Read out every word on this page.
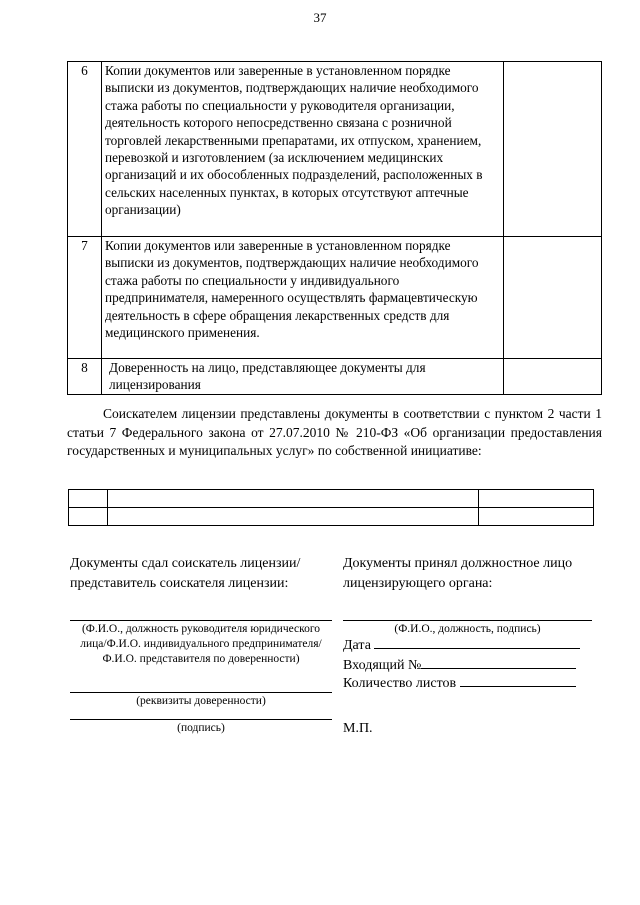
37
6	Копии документов или заверенные в установленном порядке выписки из документов, подтверждающих наличие необходимого стажа работы по специальности у руководителя организации, деятельность которого непосредственно связана с розничной торговлей лекарственными препаратами, их отпуском, хранением, перевозкой и изготовлением (за исключением медицинских организаций и их обособленных подразделений, расположенных в сельских населенных пунктах, в которых отсутствуют аптечные организации)	
7	Копии документов или заверенные в установленном порядке выписки из документов, подтверждающих наличие необходимого стажа работы по специальности у индивидуального предпринимателя, намеренного осуществлять фармацевтическую деятельность в сфере обращения лекарственных средств для медицинского применения.	
8	Доверенность на лицо, представляющее документы для лицензирования	
Соискателем лицензии представлены документы в соответствии с пунктом 2 части 1 статьи 7 Федерального закона от 27.07.2010 № 210-ФЗ «Об организации предоставления государственных и муниципальных услуг» по собственной инициативе:

Документы сдал соискатель лицензии/представитель соискателя лицензии:
(Ф.И.О., должность руководителя юридического лица/Ф.И.О. индивидуального предпринимателя/ Ф.И.О. представителя по доверенности)
(реквизиты доверенности)
(подпись)
Документы принял должностное лицо лицензирующего органа:
(Ф.И.О., должность, подпись)
Дата
Входящий №
Количество листов
М.П.
